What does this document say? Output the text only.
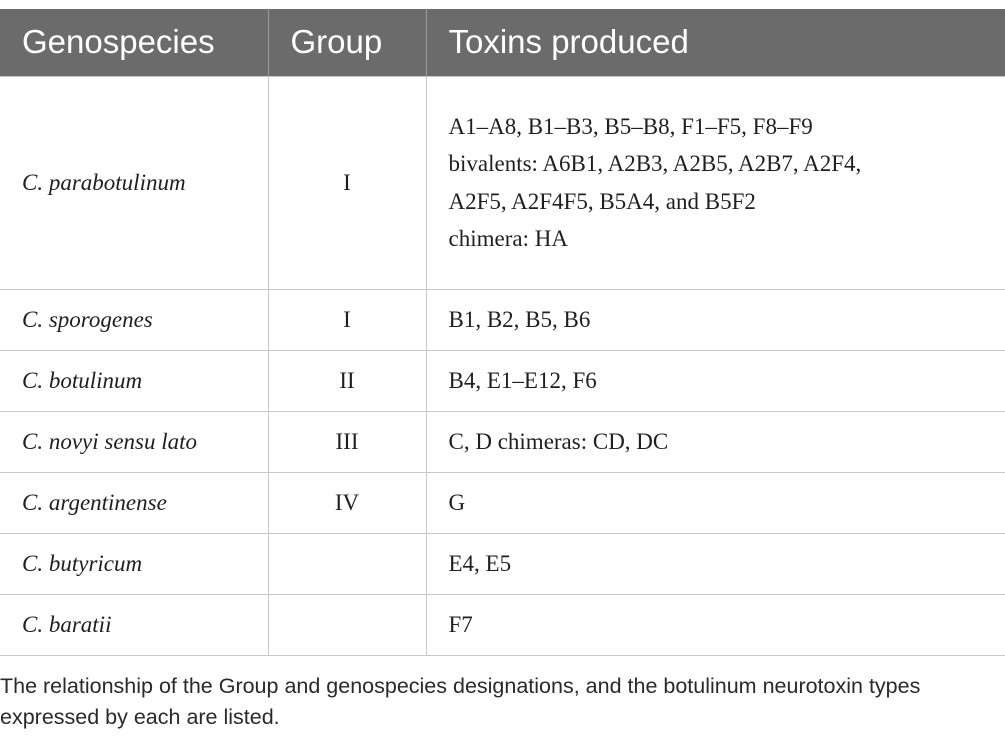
Genospecies	Group	Toxins produced
C. parabotulinum	I	A1–A8, B1–B3, B5–B8, F1–F5, F8–F9
bivalents: A6B1, A2B3, A2B5, A2B7, A2F4,
A2F5, A2F4F5, B5A4, and B5F2
chimera: HA

C. sporogenes	I	B1, B2, B5, B6
C. botulinum	II	B4, E1–E12, F6
C. novyi sensu lato	III	C, D chimeras: CD, DC
C. argentinense	IV	G
C. butyricum		E4, E5
C. baratii		F7

The relationship of the Group and genospecies designations, and the botulinum neurotoxin types expressed by each are listed.
